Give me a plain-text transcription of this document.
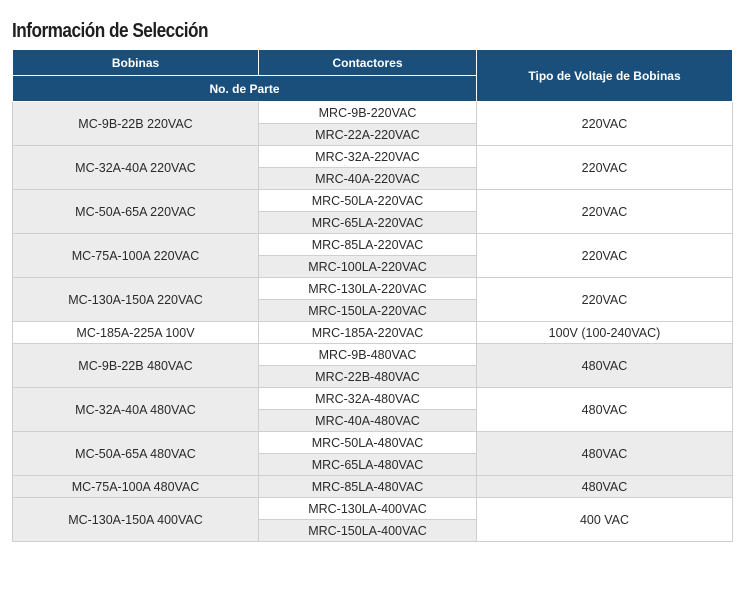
Información de Selección
Bobinas	Contactores	Tipo de Voltaje de Bobinas
No. de Parte		
MC-9B-22B 220VAC	MRC-9B-220VAC	220VAC
	MRC-22A-220VAC	
MC-32A-40A 220VAC	MRC-32A-220VAC	220VAC
	MRC-40A-220VAC	
MC-50A-65A 220VAC	MRC-50LA-220VAC	220VAC
	MRC-65LA-220VAC	
MC-75A-100A 220VAC	MRC-85LA-220VAC	220VAC
	MRC-100LA-220VAC	
MC-130A-150A 220VAC	MRC-130LA-220VAC	220VAC
	MRC-150LA-220VAC	
MC-185A-225A 100V	MRC-185A-220VAC	100V (100-240VAC)
MC-9B-22B 480VAC	MRC-9B-480VAC	480VAC
	MRC-22B-480VAC	
MC-32A-40A 480VAC	MRC-32A-480VAC	480VAC
	MRC-40A-480VAC	
MC-50A-65A 480VAC	MRC-50LA-480VAC	480VAC
	MRC-65LA-480VAC	
MC-75A-100A 480VAC	MRC-85LA-480VAC	480VAC
MC-130A-150A 400VAC	MRC-130LA-400VAC	400 VAC
	MRC-150LA-400VAC	
